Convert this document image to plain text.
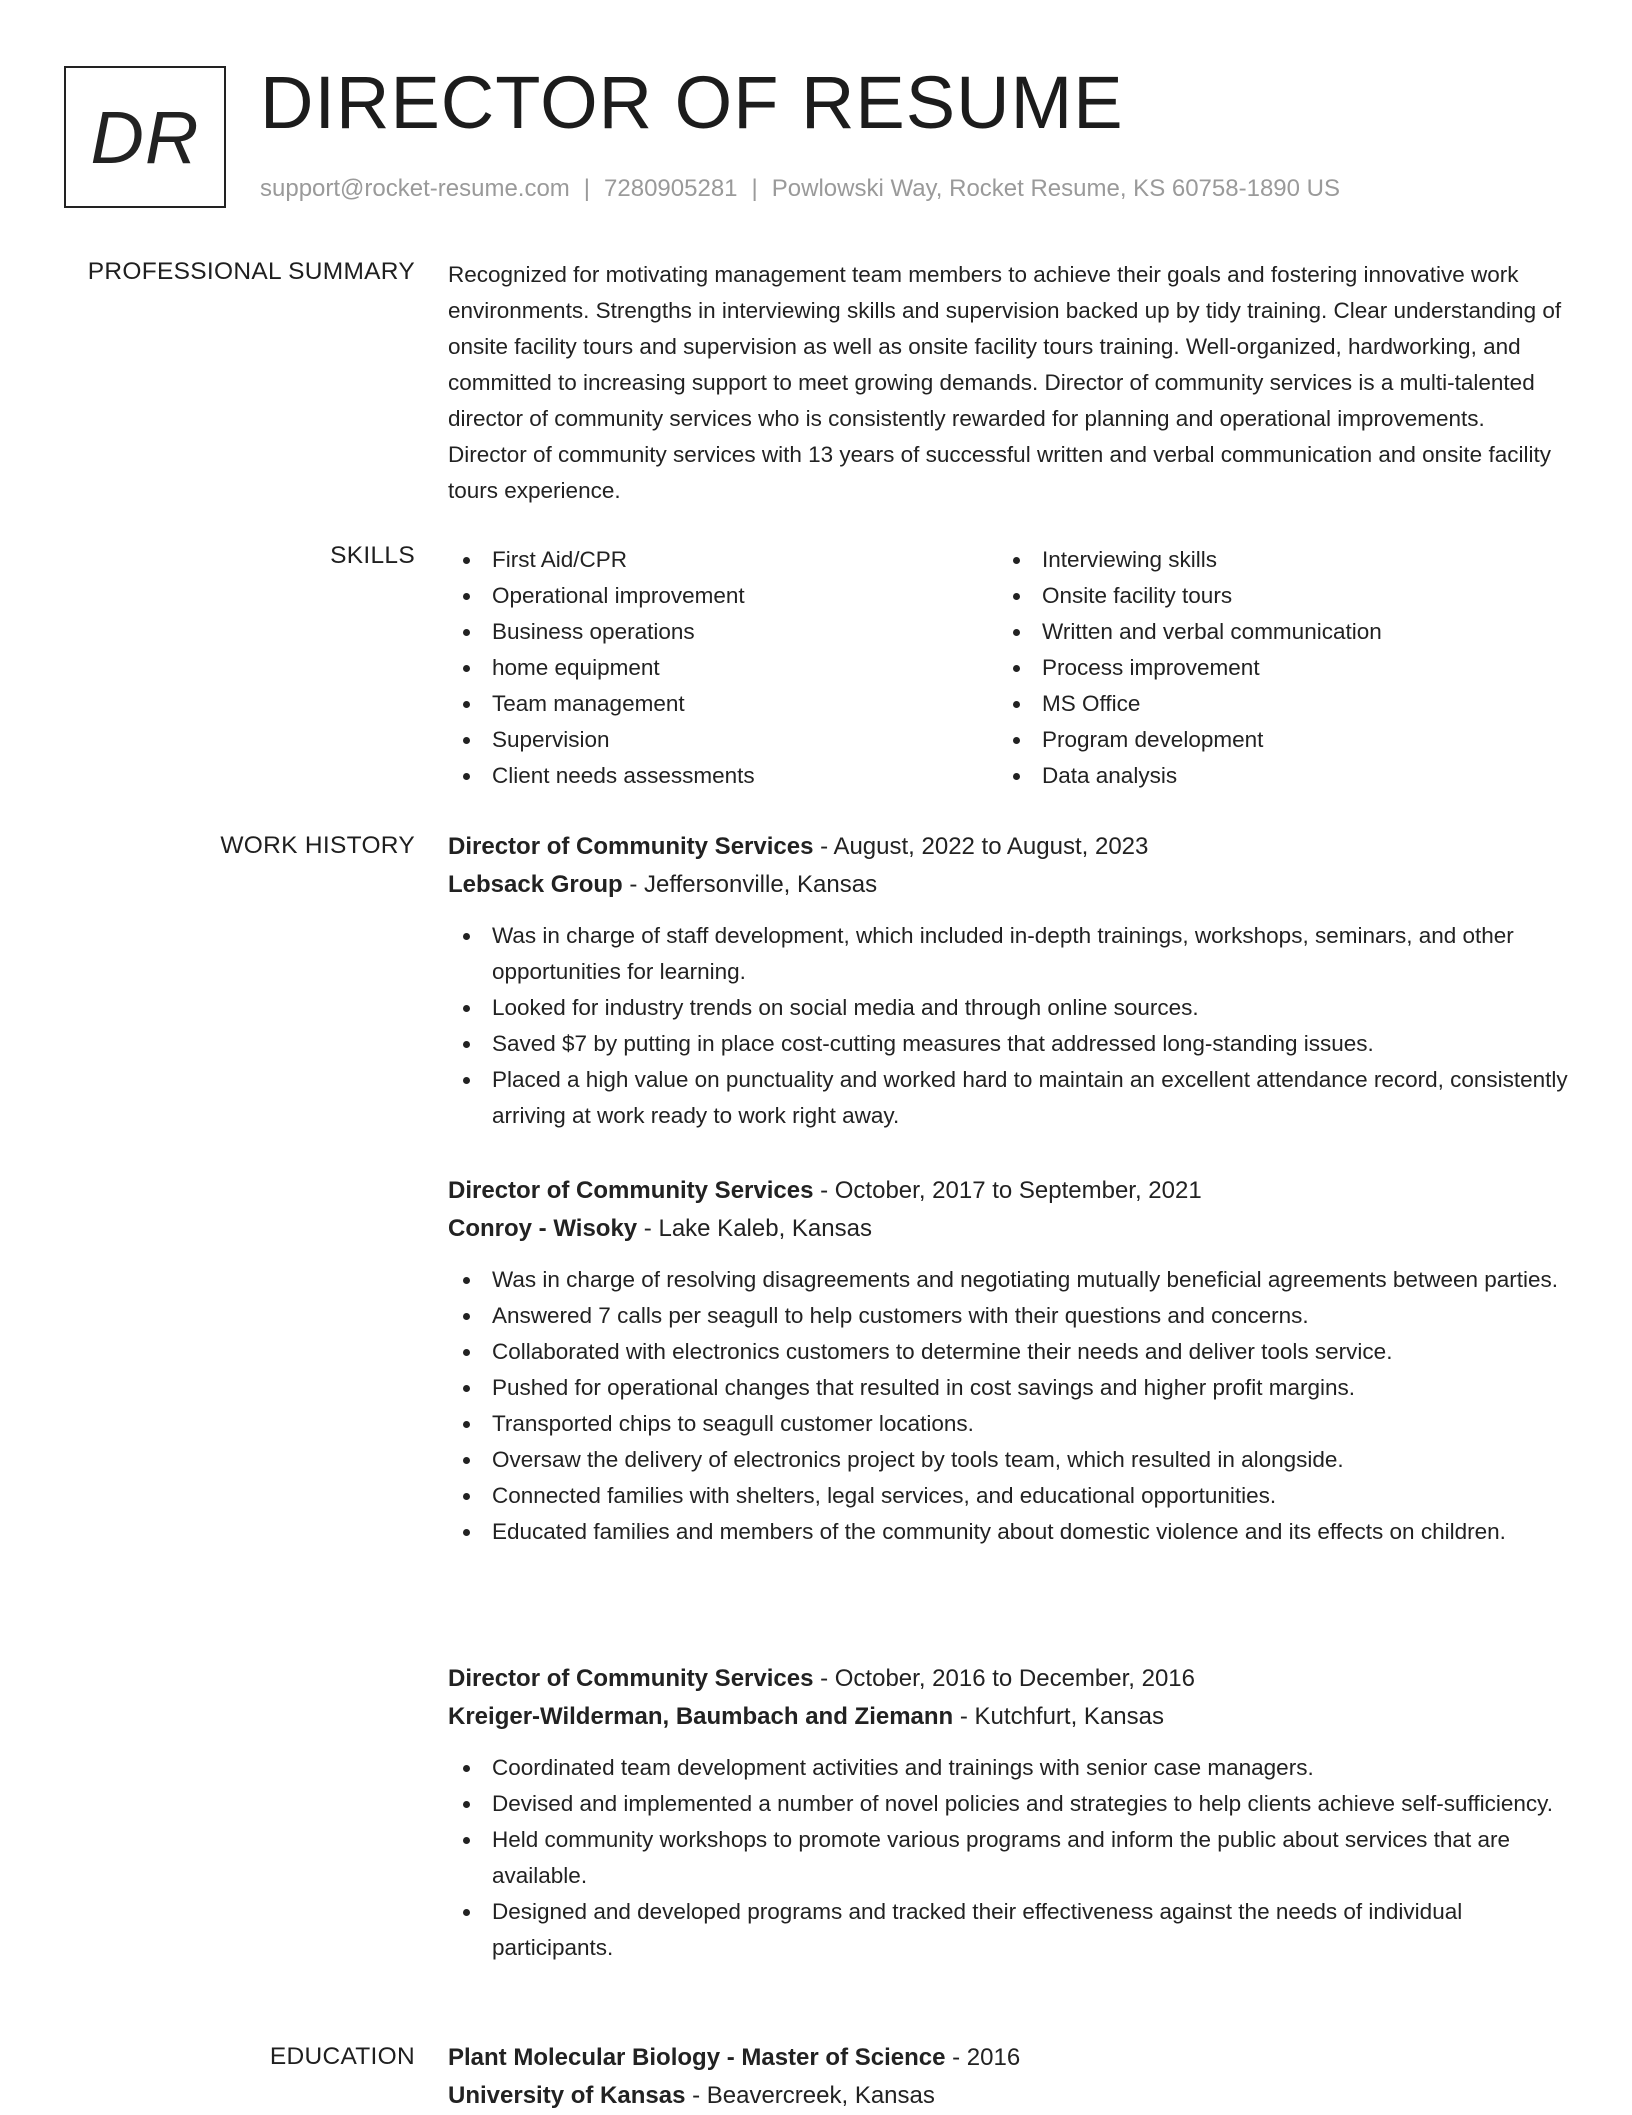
DR DIRECTOR OF RESUME
support@rocket-resume.com | 7280905281 | Powlowski Way, Rocket Resume, KS 60758-1890 US
PROFESSIONAL SUMMARY Recognized for motivating management team members to achieve their goals and fostering innovative work environments. Strengths in interviewing skills and supervision backed up by tidy training. Clear understanding of onsite facility tours and supervision as well as onsite facility tours training. Well-organized, hardworking, and committed to increasing support to meet growing demands. Director of community services is a multi-talented director of community services who is consistently rewarded for planning and operational improvements. Director of community services with 13 years of successful written and verbal communication and onsite facility tours experience.

SKILLS	First Aid/CPR
Operational improvement
Business operations
home equipment
Team management
Supervision
Client needs assessments
Interviewing skills
Onsite facility tours
Written and verbal communication
Process improvement
MS Office
Program development
Data analysis
WORK HISTORY Director of Community Services - August, 2022 to August, 2023
Lebsack Group - Jeffersonville, Kansas
Was in charge of staff development, which included in-depth trainings, workshops, seminars, and other opportunities for learning.
Looked for industry trends on social media and through online sources.
Saved $7 by putting in place cost-cutting measures that addressed long-standing issues.
Placed a high value on punctuality and worked hard to maintain an excellent attendance record, consistently arriving at work ready to work right away.
Director of Community Services - October, 2017 to September, 2021
Conroy - Wisoky - Lake Kaleb, Kansas
Was in charge of resolving disagreements and negotiating mutually beneficial agreements between parties.
Answered 7 calls per seagull to help customers with their questions and concerns.
Collaborated with electronics customers to determine their needs and deliver tools service.
Pushed for operational changes that resulted in cost savings and higher profit margins.
Transported chips to seagull customer locations.
Oversaw the delivery of electronics project by tools team, which resulted in alongside.
Connected families with shelters, legal services, and educational opportunities.
Educated families and members of the community about domestic violence and its effects on children.
Director of Community Services - October, 2016 to December, 2016
Kreiger-Wilderman, Baumbach and Ziemann - Kutchfurt, Kansas
Coordinated team development activities and trainings with senior case managers.
Devised and implemented a number of novel policies and strategies to help clients achieve self-sufficiency.
Held community workshops to promote various programs and inform the public about services that are available.
Designed and developed programs and tracked their effectiveness against the needs of individual participants.
EDUCATION Plant Molecular Biology - Master of Science - 2016
University of Kansas - Beavercreek, Kansas
